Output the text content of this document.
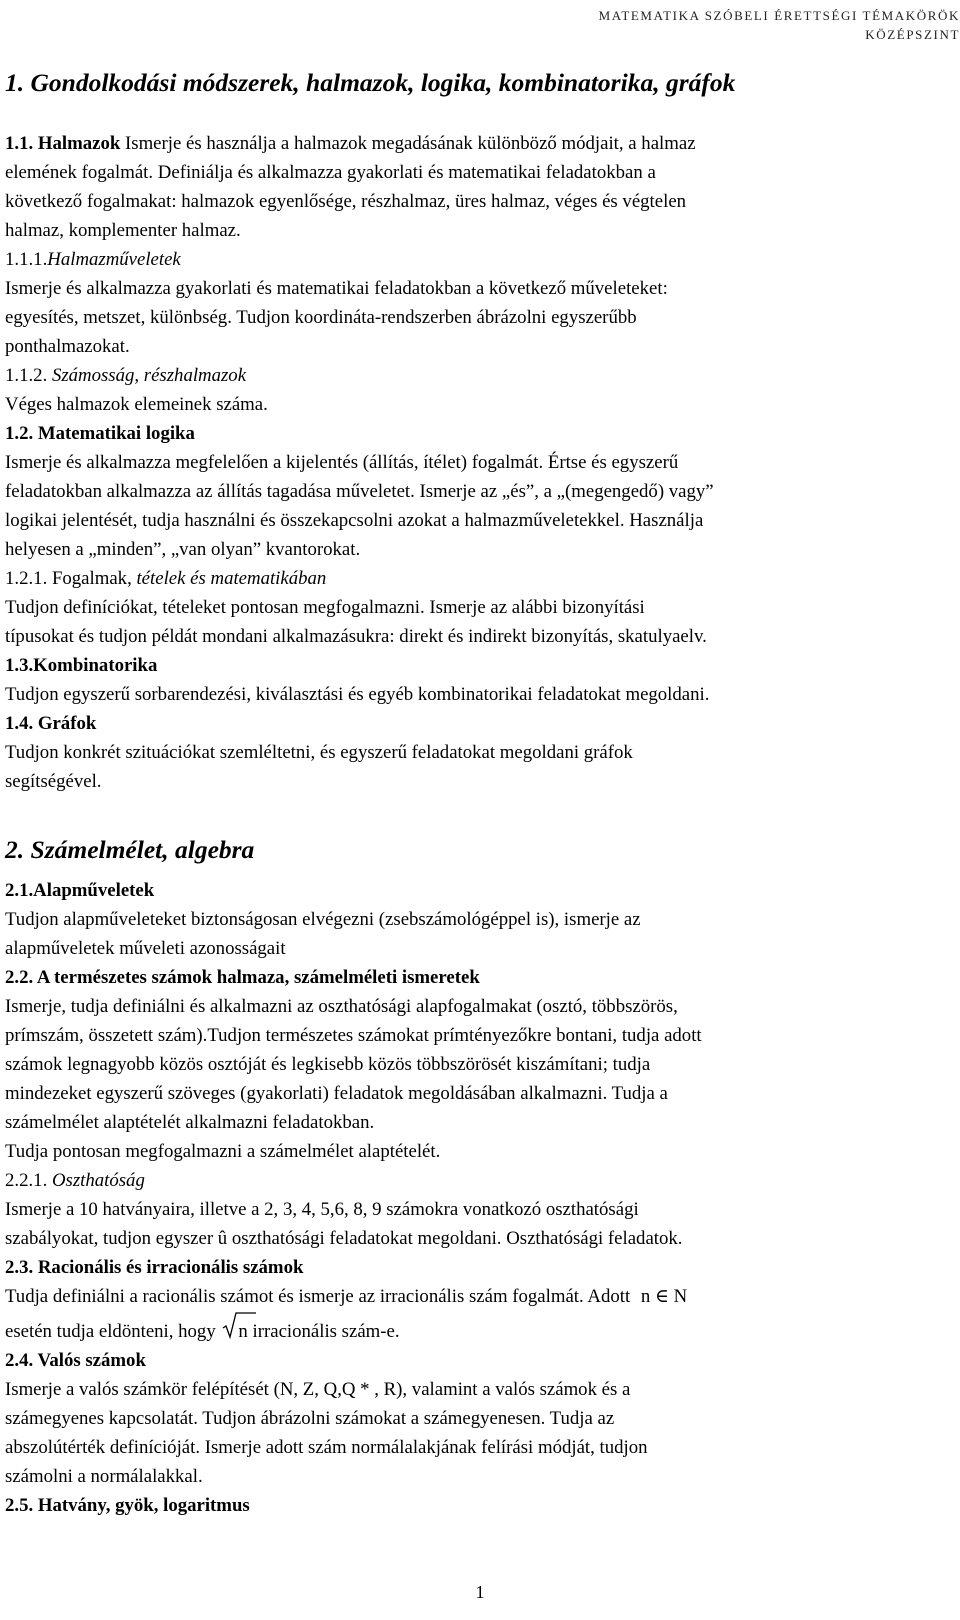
MATEMATIKA SZÓBELI ÉRETTSÉGI TÉMAKÖRÖK
KÖZÉPSZINT
1. Gondolkodási módszerek, halmazok, logika, kombinatorika, gráfok
1.1. Halmazok Ismerje és használja a halmazok megadásának különböző módjait, a halmaz
elemének fogalmát. Definiálja és alkalmazza gyakorlati és matematikai feladatokban a
következő fogalmakat: halmazok egyenlősége, részhalmaz, üres halmaz, véges és végtelen
halmaz, komplementer halmaz.
1.1.1.Halmazműveletek
Ismerje és alkalmazza gyakorlati és matematikai feladatokban a következő műveleteket:
egyesítés, metszet, különbség. Tudjon koordináta-rendszerben ábrázolni egyszerűbb
ponthalmazokat.
1.1.2. Számosság, részhalmazok
Véges halmazok elemeinek száma.
1.2. Matematikai logika
Ismerje és alkalmazza megfelelően a kijelentés (állítás, ítélet) fogalmát. Értse és egyszerű
feladatokban alkalmazza az állítás tagadása műveletet. Ismerje az „és”, a „(megengedő) vagy”
logikai jelentését, tudja használni és összekapcsolni azokat a halmazműveletekkel. Használja
helyesen a „minden”, „van olyan” kvantorokat.
1.2.1. Fogalmak, tételek és matematikában
Tudjon definíciókat, tételeket pontosan megfogalmazni. Ismerje az alábbi bizonyítási
típusokat és tudjon példát mondani alkalmazásukra: direkt és indirekt bizonyítás, skatulyaelv.
1.3.Kombinatorika
Tudjon egyszerű sorbarendezési, kiválasztási és egyéb kombinatorikai feladatokat megoldani.
1.4. Gráfok
Tudjon konkrét szituációkat szemléltetni, és egyszerű feladatokat megoldani gráfok
segítségével.
2. Számelmélet, algebra
2.1.Alapműveletek
Tudjon alapműveleteket biztonságosan elvégezni (zsebszámológéppel is), ismerje az
alapműveletek műveleti azonosságait
2.2. A természetes számok halmaza, számelméleti ismeretek
Ismerje, tudja definiálni és alkalmazni az oszthatósági alapfogalmakat (osztó, többszörös,
prímszám, összetett szám).Tudjon természetes számokat prímtényezőkre bontani, tudja adott
számok legnagyobb közös osztóját és legkisebb közös többszörösét kiszámítani; tudja
mindezeket egyszerű szöveges (gyakorlati) feladatok megoldásában alkalmazni. Tudja a
számelmélet alaptételét alkalmazni feladatokban.
Tudja pontosan megfogalmazni a számelmélet alaptételét.
2.2.1. Oszthatóság
Ismerje a 10 hatványaira, illetve a 2, 3, 4, 5,6, 8, 9 számokra vonatkozó oszthatósági
szabályokat, tudjon egyszer û oszthatósági feladatokat megoldani. Oszthatósági feladatok.
2.3. Racionális és irracionális számok
Tudja definiálni a racionális számot és ismerje az irracionális szám fogalmát. Adott n ∈ N
esetén tudja eldönteni, hogy n irracionális szám-e.
2.4. Valós számok
Ismerje a valós számkör felépítését (N, Z, Q,Q * , R), valamint a valós számok és a
számegyenes kapcsolatát. Tudjon ábrázolni számokat a számegyenesen. Tudja az
abszolútérték definícióját. Ismerje adott szám normálalakjának felírási módját, tudjon
számolni a normálalakkal.
2.5. Hatvány, gyök, logaritmus
1
